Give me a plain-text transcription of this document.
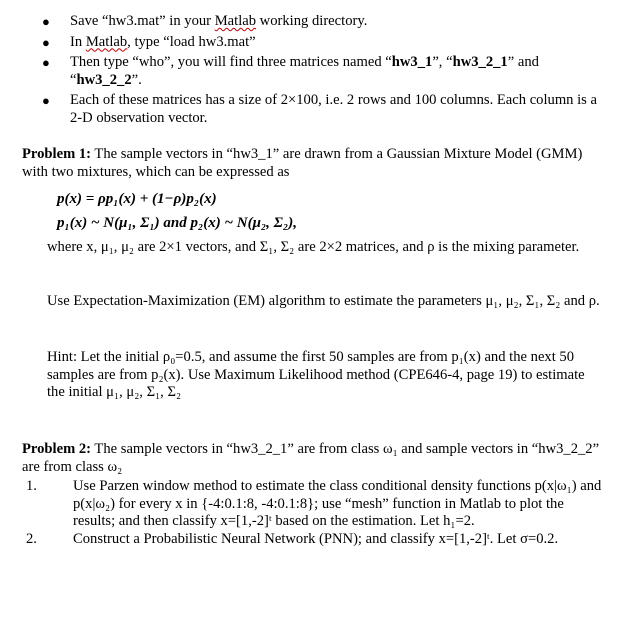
● Save “hw3.mat” in your Matlab working directory.
● In Matlab, type “load hw3.mat”
● Then type “who”, you will find three matrices named “hw3_1”, “hw3_2_1” and “hw3_2_2”.
● Each of these matrices has a size of 2×100, i.e. 2 rows and 100 columns. Each column is a 2-D observation vector.
Problem 1: The sample vectors in “hw3_1” are drawn from a Gaussian Mixture Model (GMM) with two mixtures, which can be expressed as
p(x) = ρp₁(x) + (1−ρ)p₂(x)
p₁(x) ~ N(μ₁, Σ₁) and p₂(x) ~ N(μ₂, Σ₂),
where x, μ₁, μ₂ are 2×1 vectors, and Σ₁, Σ₂ are 2×2 matrices, and ρ is the mixing parameter.
Use Expectation-Maximization (EM) algorithm to estimate the parameters μ₁, μ₂, Σ₁, Σ₂ and ρ.
Hint: Let the initial ρ₀=0.5, and assume the first 50 samples are from p₁(x) and the next 50 samples are from p₂(x). Use Maximum Likelihood method (CPE646-4, page 19) to estimate the initial μ₁, μ₂, Σ₁, Σ₂
Problem 2: The sample vectors in “hw3_2_1” are from class ω₁ and sample vectors in “hw3_2_2” are from class ω₂
1. Use Parzen window method to estimate the class conditional density functions p(x|ω₁) and p(x|ω₂) for every x in {-4:0.1:8, -4:0.1:8}; use “mesh” function in Matlab to plot the results; and then classify x=[1,-2]ᵗ based on the estimation. Let h₁=2.
2. Construct a Probabilistic Neural Network (PNN); and classify x=[1,-2]ᵗ. Let σ=0.2.
